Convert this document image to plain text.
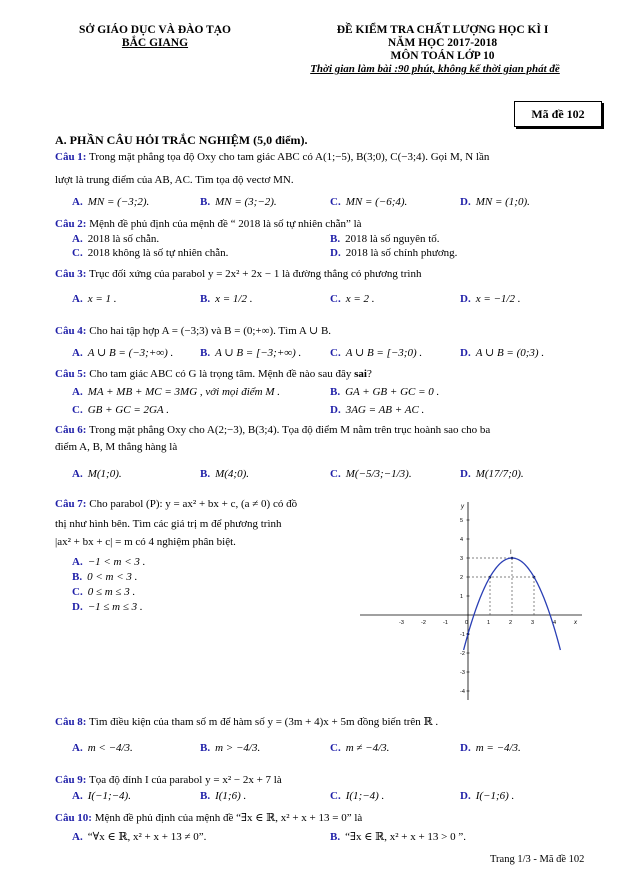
SỞ GIÁO DỤC VÀ ĐÀO TẠO
BẮC GIANG
ĐỀ KIỂM TRA CHẤT LƯỢNG HỌC KÌ I
NĂM HỌC 2017-2018
MÔN TOÁN LỚP 10
Thời gian làm bài :90 phút, không kể thời gian phát đề
Mã đề 102
A. PHẦN CÂU HỎI TRẮC NGHIỆM (5,0 điểm).
Câu 1: Trong mặt phẳng tọa độ Oxy cho tam giác ABC có A(1;−5), B(3;0), C(−3;4). Gọi M, N lần
lượt là trung điểm của AB, AC. Tìm tọa độ vectơ MN.
A. MN = (−3;2).	B. MN = (3;−2).	C. MN = (−6;4).	D. MN = (1;0).
Câu 2: Mệnh đề phủ định của mệnh đề “ 2018 là số tự nhiên chẵn” là
A. 2018 là số chẵn.	B. 2018 là số nguyên tố.
C. 2018 không là số tự nhiên chẵn.	D. 2018 là số chính phương.
Câu 3: Trục đối xứng của parabol y = 2x² + 2x − 1 là đường thẳng có phương trình
A. x = 1 .	B. x = 1/2 .	C. x = 2 .	D. x = −1/2 .
Câu 4: Cho hai tập hợp A = (−3;3) và B = (0;+∞). Tìm A ∪ B.
A. A ∪ B = (−3;+∞) . B. A ∪ B = [−3;+∞) .	C. A ∪ B = [−3;0) .	D. A ∪ B = (0;3) .
Câu 5: Cho tam giác ABC có G là trọng tâm. Mệnh đề nào sau đây sai?
A. MA + MB + MC = 3MG , với mọi điểm M .	B. GA + GB + GC = 0 .
C. GB + GC = 2GA .	D. 3AG = AB + AC .
Câu 6: Trong mặt phẳng Oxy cho A(2;−3), B(3;4). Tọa độ điểm M nằm trên trục hoành sao cho ba
điểm A, B, M thẳng hàng là
A. M(1;0).	B. M(4;0).	C. M(−5/3;−1/3).	D. M(17/7;0).
Câu 7: Cho parabol (P): y = ax² + bx + c, (a ≠ 0) có đồ
thị như hình bên. Tìm các giá trị m để phương trình
|ax² + bx + c| = m có 4 nghiệm phân biệt.
A. −1 < m < 3 .
B. 0 < m < 3 .
C. 0 ≤ m ≤ 3 .
D. −1 ≤ m ≤ 3 .
-3	-2	-1	0	1	2	3	4
5
4
3
2
1
-1
-2
-3
-4
I
x
y
Câu 8: Tìm điều kiện của tham số m để hàm số y = (3m + 4)x + 5m đồng biến trên ℝ .
A. m < −4/3.	B. m > −4/3.	C. m ≠ −4/3.	D. m = −4/3.
Câu 9: Tọa độ đỉnh I của parabol y = x² − 2x + 7 là
A. I(−1;−4).	B. I(1;6) .	C. I(1;−4) .	D. I(−1;6) .
Câu 10: Mệnh đề phủ định của mệnh đề “∃x ∈ ℝ, x² + x + 13 = 0” là
A. “∀x ∈ ℝ, x² + x + 13 ≠ 0”.	B. “∃x ∈ ℝ, x² + x + 13 > 0 ”.
Trang 1/3 - Mã đề 102
